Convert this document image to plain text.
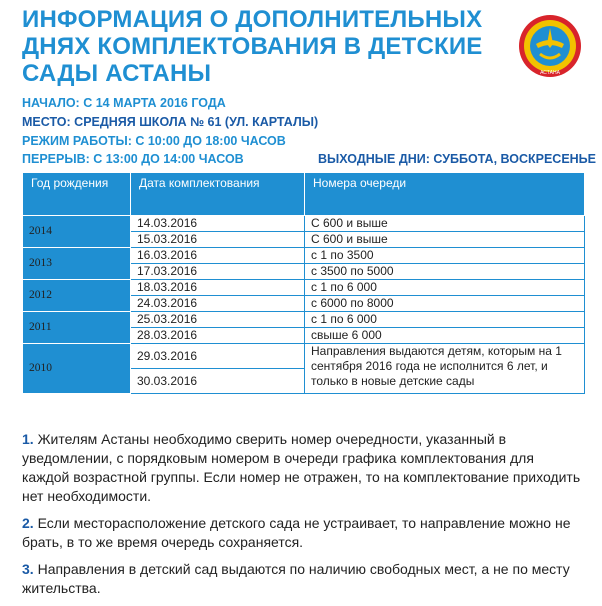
ИНФОРМАЦИЯ О ДОПОЛНИТЕЛЬНЫХ ДНЯХ КОМПЛЕКТОВАНИЯ В ДЕТСКИЕ САДЫ АСТАНЫ	АСТАНА
НАЧАЛО: С 14 МАРТА 2016 ГОДА
МЕСТО: СРЕДНЯЯ ШКОЛА № 61 (УЛ. КАРТАЛЫ)
РЕЖИМ РАБОТЫ: С 10:00 ДО 18:00 ЧАСОВ
ПЕРЕРЫВ: С 13:00 ДО 14:00 ЧАСОВ	ВЫХОДНЫЕ ДНИ: СУББОТА, ВОСКРЕСЕНЬЕ
Год рождения	Дата комплектования	Номера очереди
2014	14.03.2016	С 600 и выше
	15.03.2016	С 600 и выше
2013	16.03.2016	с 1 по 3500
	17.03.2016	с 3500 по 5000
2012	18.03.2016	с 1 по 6 000
	24.03.2016	с 6000 по 8000
2011	25.03.2016	с 1 по 6 000
	28.03.2016	свыше 6 000
2010	29.03.2016	Направления выдаются детям, которым на 1 сентября 2016 года не исполнится 6 лет, и только в новые детские сады
	30.03.2016	

1. Жителям Астаны необходимо сверить номер очередности, указанный в уведомлении, с порядковым номером в очереди графика комплектования для каждой возрастной группы. Если номер не отражен, то на комплектование приходить нет необходимости.

2. Если месторасположение детского сада не устраивает, то направление можно не брать, в то же время очередь сохраняется.

3. Направления в детский сад выдаются по наличию свободных мест, а не по месту жительства.
